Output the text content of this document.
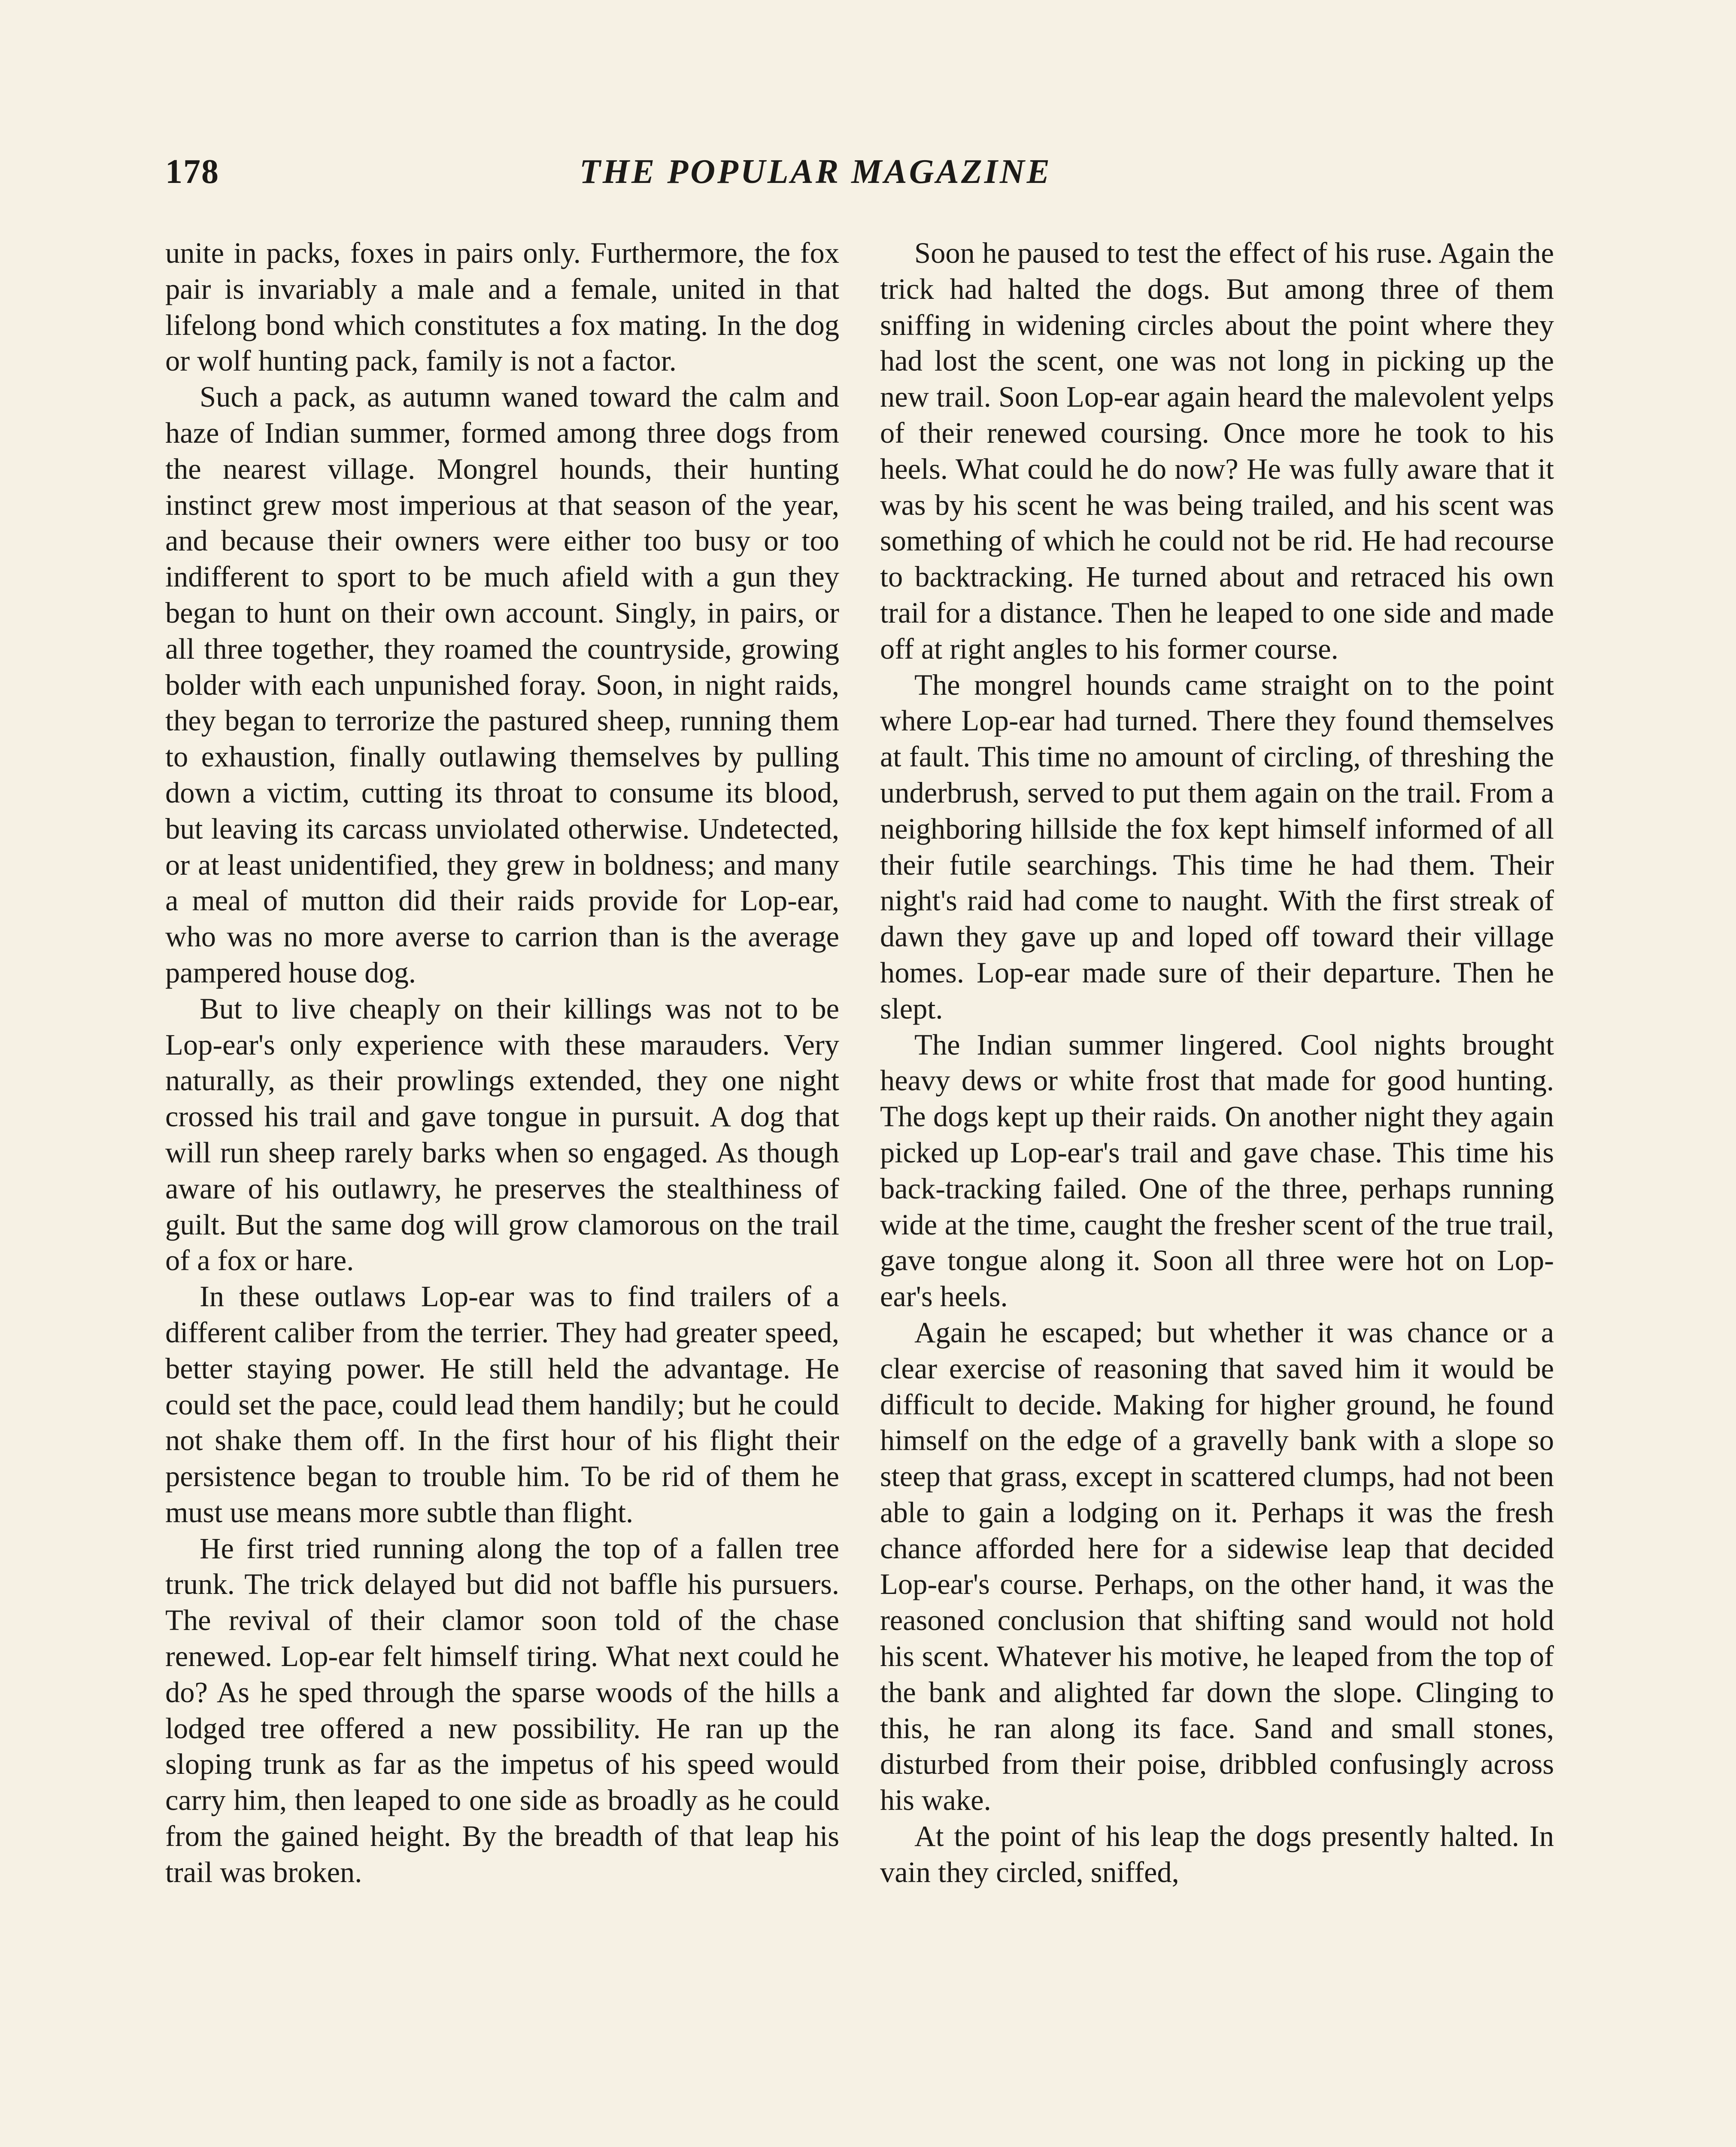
178	THE POPULAR MAGAZINE

unite in packs, foxes in pairs only. Furthermore, the fox pair is invariably a male and a female, united in that lifelong bond which constitutes a fox mating. In the dog or wolf hunting pack, family is not a factor.

Such a pack, as autumn waned toward the calm and haze of Indian summer, formed among three dogs from the nearest village. Mongrel hounds, their hunting instinct grew most imperious at that season of the year, and because their owners were either too busy or too indifferent to sport to be much afield with a gun they began to hunt on their own account. Singly, in pairs, or all three together, they roamed the countryside, growing bolder with each unpunished foray. Soon, in night raids, they began to terrorize the pastured sheep, running them to exhaustion, finally outlawing themselves by pulling down a victim, cutting its throat to consume its blood, but leaving its carcass unviolated otherwise. Undetected, or at least unidentified, they grew in boldness; and many a meal of mutton did their raids provide for Lop-ear, who was no more averse to carrion than is the average pampered house dog.

But to live cheaply on their killings was not to be Lop-ear's only experience with these marauders. Very naturally, as their prowlings extended, they one night crossed his trail and gave tongue in pursuit. A dog that will run sheep rarely barks when so engaged. As though aware of his outlawry, he preserves the stealthiness of guilt. But the same dog will grow clamorous on the trail of a fox or hare.

In these outlaws Lop-ear was to find trailers of a different caliber from the terrier. They had greater speed, better staying power. He still held the advantage. He could set the pace, could lead them handily; but he could not shake them off. In the first hour of his flight their persistence began to trouble him. To be rid of them he must use means more subtle than flight.

He first tried running along the top of a fallen tree trunk. The trick delayed but did not baffle his pursuers. The revival of their clamor soon told of the chase renewed. Lop-ear felt himself tiring. What next could he do? As he sped through the sparse woods of the hills a lodged tree offered a new possibility. He ran up the sloping trunk as far as the impetus of his speed would carry him, then leaped to one side as broadly as he could from the gained height. By the breadth of that leap his trail was broken.

Soon he paused to test the effect of his ruse. Again the trick had halted the dogs. But among three of them sniffing in widening circles about the point where they had lost the scent, one was not long in picking up the new trail. Soon Lop-ear again heard the malevolent yelps of their renewed coursing. Once more he took to his heels. What could he do now? He was fully aware that it was by his scent he was being trailed, and his scent was something of which he could not be rid. He had recourse to backtracking. He turned about and retraced his own trail for a distance. Then he leaped to one side and made off at right angles to his former course.

The mongrel hounds came straight on to the point where Lop-ear had turned. There they found themselves at fault. This time no amount of circling, of threshing the underbrush, served to put them again on the trail. From a neighboring hillside the fox kept himself informed of all their futile searchings. This time he had them. Their night's raid had come to naught. With the first streak of dawn they gave up and loped off toward their village homes. Lop-ear made sure of their departure. Then he slept.

The Indian summer lingered. Cool nights brought heavy dews or white frost that made for good hunting. The dogs kept up their raids. On another night they again picked up Lop-ear's trail and gave chase. This time his back-tracking failed. One of the three, perhaps running wide at the time, caught the fresher scent of the true trail, gave tongue along it. Soon all three were hot on Lop-ear's heels.

Again he escaped; but whether it was chance or a clear exercise of reasoning that saved him it would be difficult to decide. Making for higher ground, he found himself on the edge of a gravelly bank with a slope so steep that grass, except in scattered clumps, had not been able to gain a lodging on it. Perhaps it was the fresh chance afforded here for a sidewise leap that decided Lop-ear's course. Perhaps, on the other hand, it was the reasoned conclusion that shifting sand would not hold his scent. Whatever his motive, he leaped from the top of the bank and alighted far down the slope. Clinging to this, he ran along its face. Sand and small stones, disturbed from their poise, dribbled confusingly across his wake.

At the point of his leap the dogs presently halted. In vain they circled, sniffed,
